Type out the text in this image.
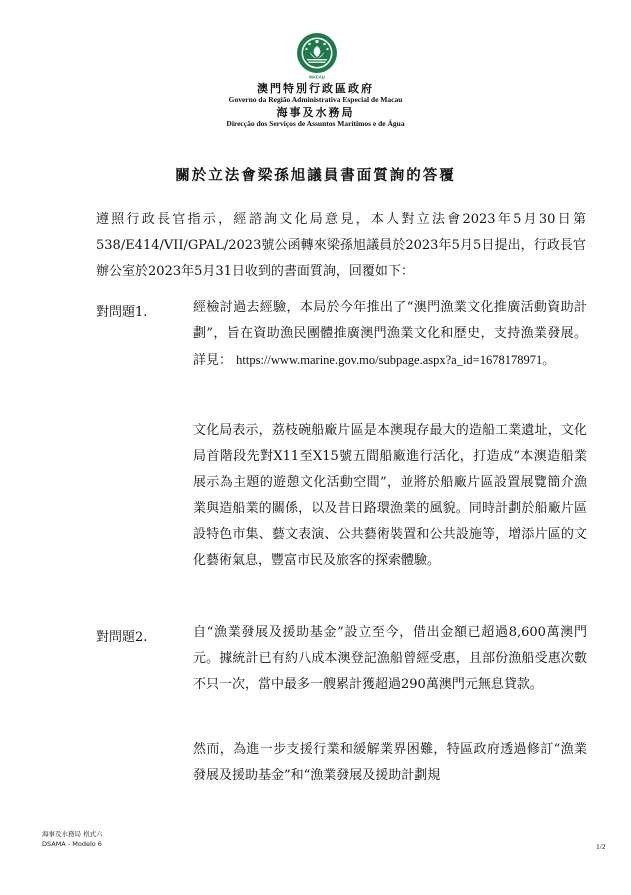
MACAU
澳門特別行政區政府
Governo da Região Administrativa Especial de Macau
海事及水務局
Direcção dos Serviços de Assuntos Marítimos e de Água
關於立法會梁孫旭議員書面質詢的答覆
遵照行政長官指示，經諮詢文化局意見，本人對立法會2023年5月30日第538/E414/VII/GPAL/2023號公函轉來梁孫旭議員於2023年5月5日提出，行政長官辦公室於2023年5月31日收到的書面質詢，回覆如下：
對問題1.	經檢討過去經驗，本局於今年推出了“澳門漁業文化推廣活動資助計劃”，旨在資助漁民團體推廣澳門漁業文化和歷史，支持漁業發展。詳見： https://www.marine.gov.mo/subpage.aspx?a_id=1678178971。
文化局表示，荔枝碗船廠片區是本澳現存最大的造船工業遺址，文化局首階段先對X11至X15號五間船廠進行活化，打造成“本澳造船業展示為主題的遊憩文化活動空間”，並將於船廠片區設置展覽簡介漁業與造船業的關係，以及昔日路環漁業的風貌。同時計劃於船廠片區設特色市集、藝文表演、公共藝術裝置和公共設施等，增添片區的文化藝術氣息，豐富市民及旅客的探索體驗。
對問題2.	自“漁業發展及援助基金”設立至今，借出金額已超過8,600萬澳門元。據統計已有約八成本澳登記漁船曾經受惠，且部份漁船受惠次數不只一次，當中最多一艘累計獲超過290萬澳門元無息貸款。
然而，為進一步支援行業和緩解業界困難，特區政府透過修訂“漁業發展及援助基金”和“漁業發展及援助計劃規
海事及水務局 格式六
DSAMA - Modelo 6	1/2
